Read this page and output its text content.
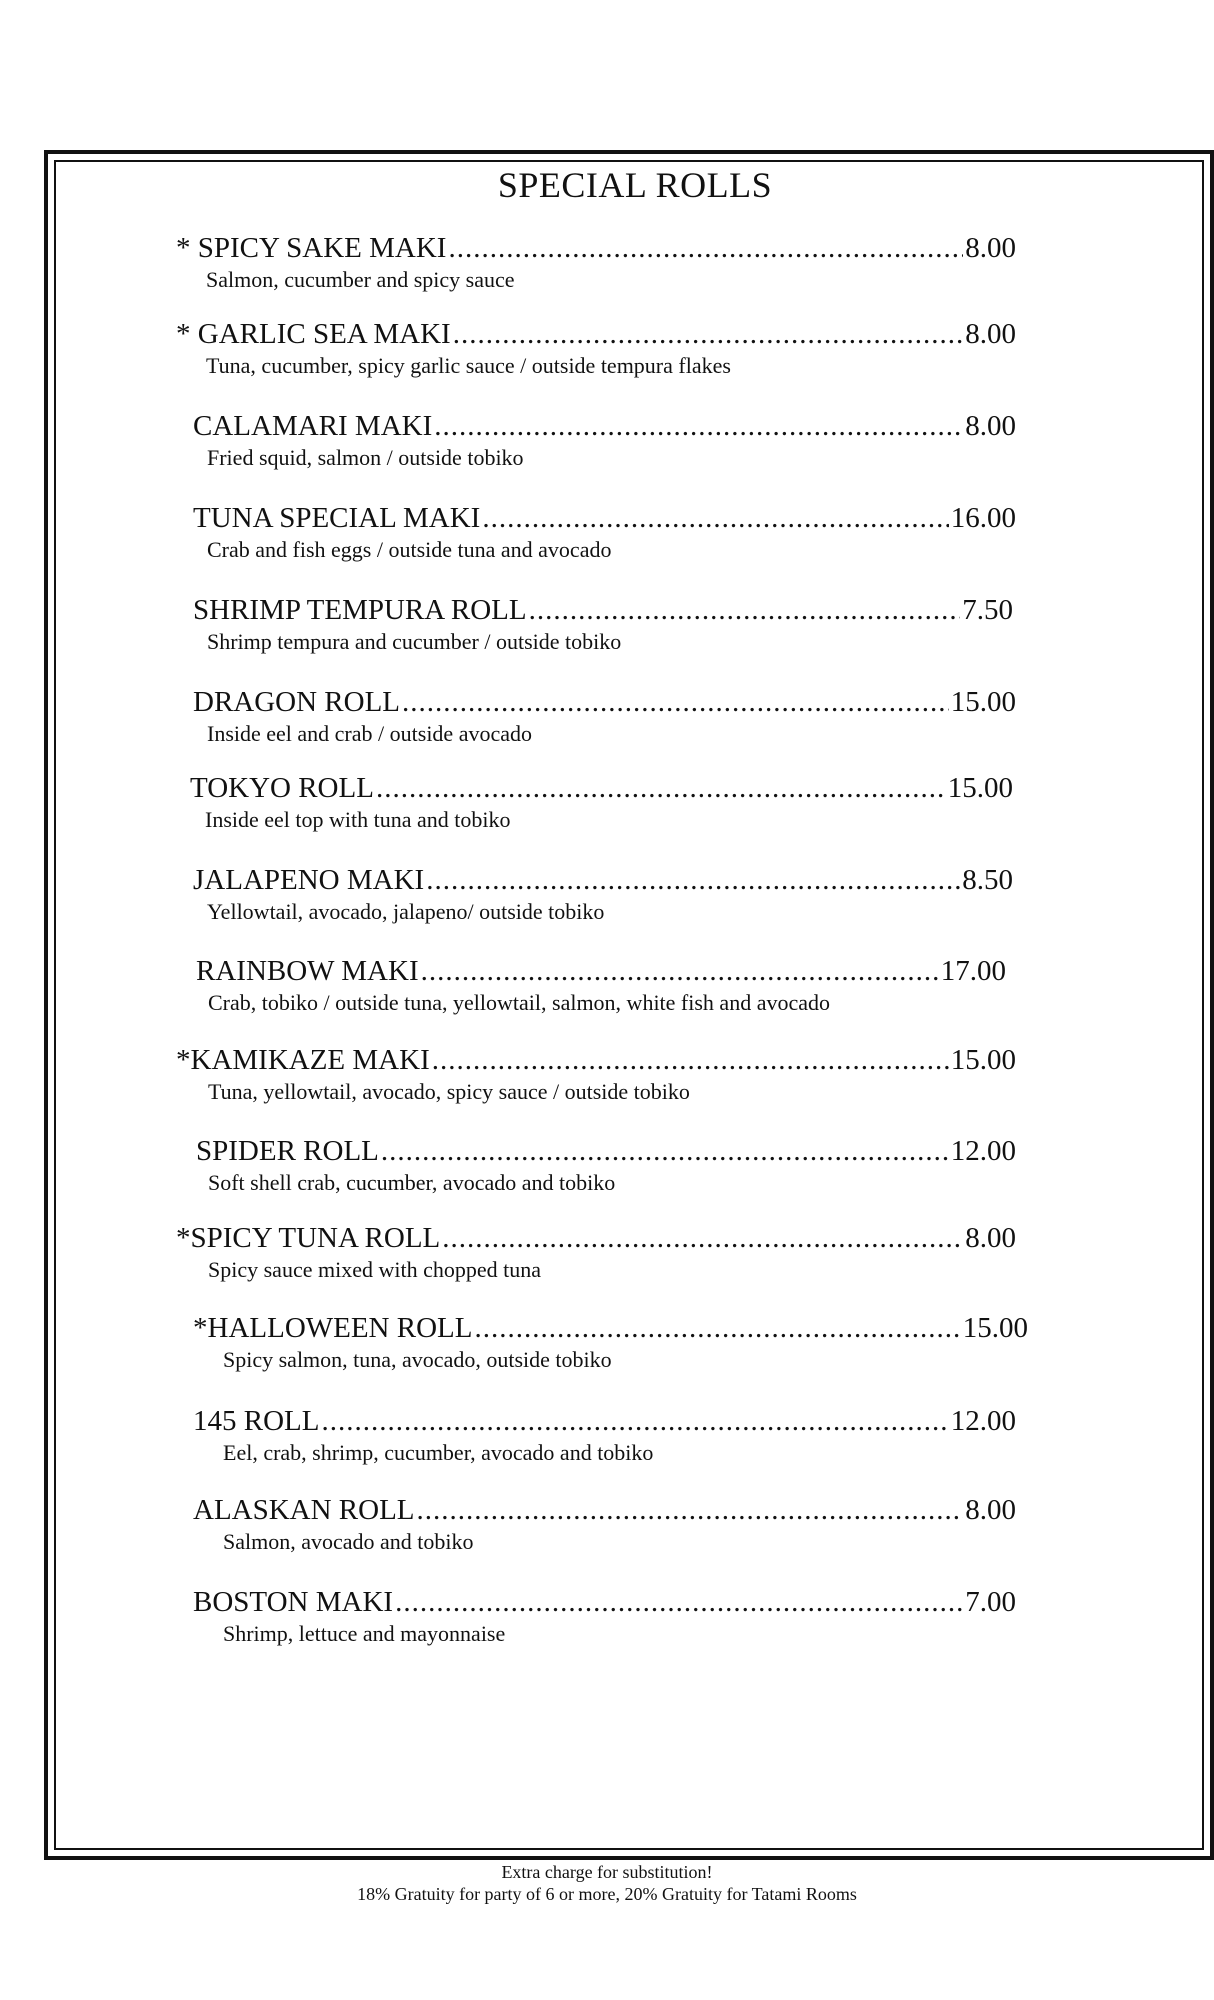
SPECIAL ROLLS
* SPICY SAKE MAKI .....	8.00
Salmon, cucumber and spicy sauce
* GARLIC SEA MAKI .....	8.00
Tuna, cucumber, spicy garlic sauce / outside tempura flakes
CALAMARI MAKI .....	8.00
Fried squid, salmon / outside tobiko
TUNA SPECIAL MAKI .....	16.00
Crab and fish eggs / outside tuna and avocado
SHRIMP TEMPURA ROLL .....	7.50
Shrimp tempura and cucumber / outside tobiko
DRAGON ROLL .....	15.00
Inside eel and crab / outside avocado
TOKYO ROLL .....	15.00
Inside eel top with tuna and tobiko
JALAPENO MAKI .....	8.50
Yellowtail, avocado, jalapeno/ outside tobiko
RAINBOW MAKI .....	17.00
Crab, tobiko / outside tuna, yellowtail, salmon, white fish and avocado
*KAMIKAZE MAKI .....	15.00
Tuna, yellowtail, avocado, spicy sauce / outside tobiko
SPIDER ROLL .....	12.00
Soft shell crab, cucumber, avocado and tobiko
*SPICY TUNA ROLL .....	8.00
Spicy sauce mixed with chopped tuna
*HALLOWEEN ROLL .....	15.00
Spicy salmon, tuna, avocado, outside tobiko
145 ROLL .....	12.00
Eel, crab, shrimp, cucumber, avocado and tobiko
ALASKAN ROLL .....	8.00
Salmon, avocado and tobiko
BOSTON MAKI .....	7.00
Shrimp, lettuce and mayonnaise
Extra charge for substitution!
18% Gratuity for party of 6 or more, 20% Gratuity for Tatami Rooms
